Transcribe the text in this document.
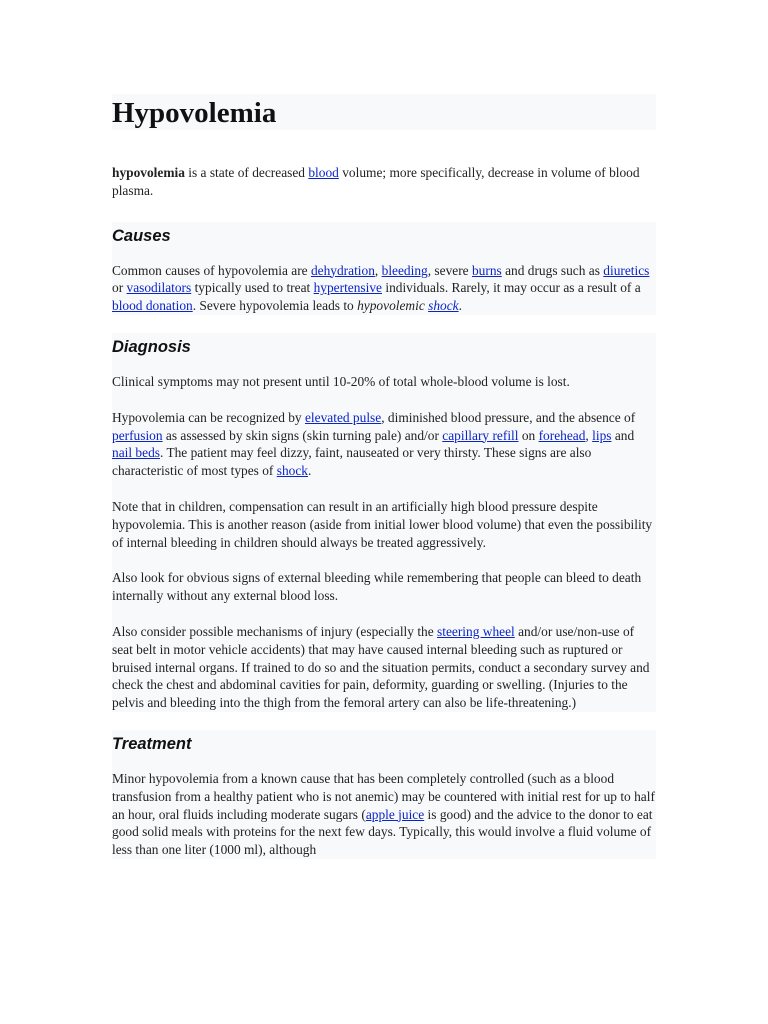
Hypovolemia

hypovolemia is a state of decreased blood volume; more specifically, decrease in volume of blood plasma.

Causes

Common causes of hypovolemia are dehydration, bleeding, severe burns and drugs such as diuretics or vasodilators typically used to treat hypertensive individuals. Rarely, it may occur as a result of a blood donation. Severe hypovolemia leads to hypovolemic shock.

Diagnosis

Clinical symptoms may not present until 10-20% of total whole-blood volume is lost.

Hypovolemia can be recognized by elevated pulse, diminished blood pressure, and the absence of perfusion as assessed by skin signs (skin turning pale) and/or capillary refill on forehead, lips and nail beds. The patient may feel dizzy, faint, nauseated or very thirsty. These signs are also characteristic of most types of shock.

Note that in children, compensation can result in an artificially high blood pressure despite hypovolemia. This is another reason (aside from initial lower blood volume) that even the possibility of internal bleeding in children should always be treated aggressively.

Also look for obvious signs of external bleeding while remembering that people can bleed to death internally without any external blood loss.

Also consider possible mechanisms of injury (especially the steering wheel and/or use/non-use of seat belt in motor vehicle accidents) that may have caused internal bleeding such as ruptured or bruised internal organs. If trained to do so and the situation permits, conduct a secondary survey and check the chest and abdominal cavities for pain, deformity, guarding or swelling. (Injuries to the pelvis and bleeding into the thigh from the femoral artery can also be life-threatening.)

Treatment

Minor hypovolemia from a known cause that has been completely controlled (such as a blood transfusion from a healthy patient who is not anemic) may be countered with initial rest for up to half an hour, oral fluids including moderate sugars (apple juice is good) and the advice to the donor to eat good solid meals with proteins for the next few days. Typically, this would involve a fluid volume of less than one liter (1000 ml), although
